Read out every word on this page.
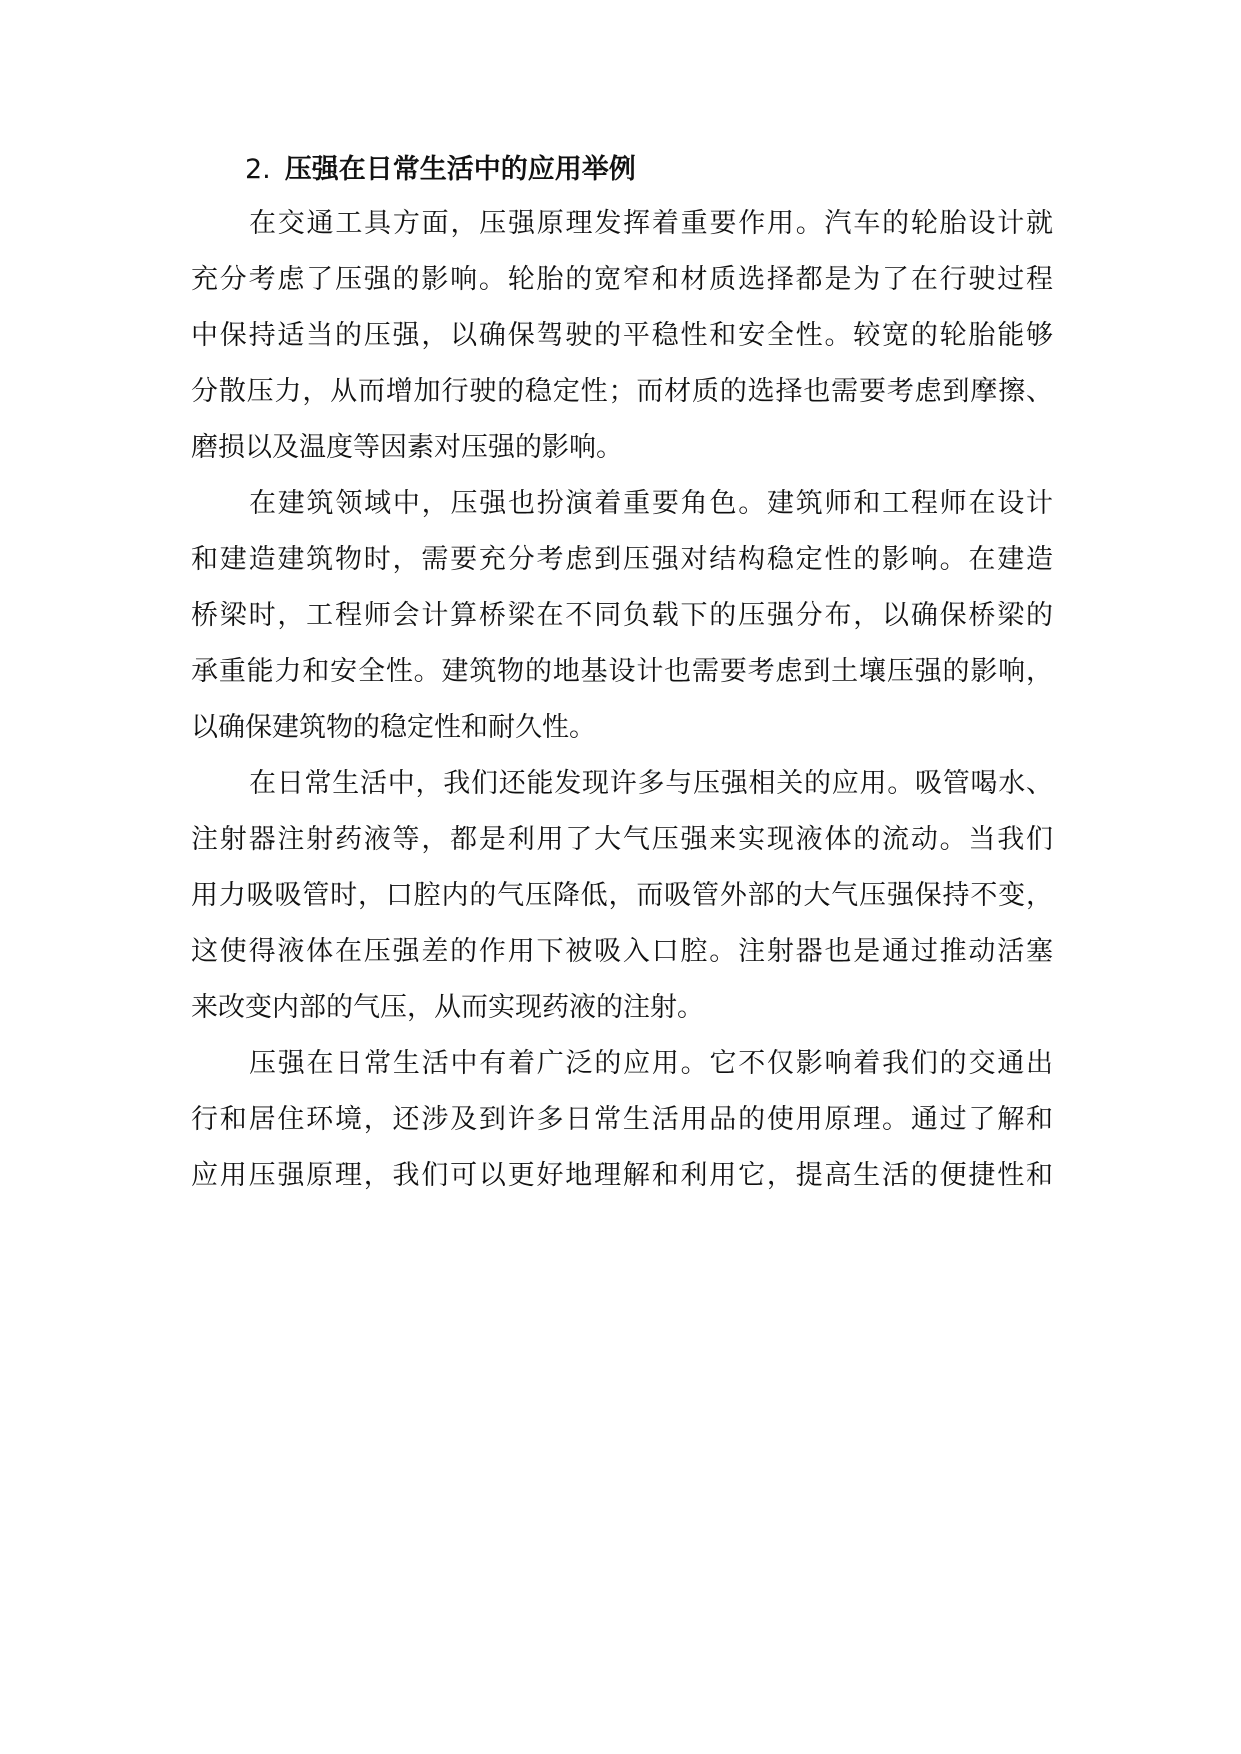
2. 压强在日常生活中的应用举例
在交通工具方面，压强原理发挥着重要作用。汽车的轮胎设计就
充分考虑了压强的影响。轮胎的宽窄和材质选择都是为了在行驶过程
中保持适当的压强，以确保驾驶的平稳性和安全性。较宽的轮胎能够
分散压力，从而增加行驶的稳定性；而材质的选择也需要考虑到摩擦、
磨损以及温度等因素对压强的影响。
在建筑领域中，压强也扮演着重要角色。建筑师和工程师在设计
和建造建筑物时，需要充分考虑到压强对结构稳定性的影响。在建造
桥梁时，工程师会计算桥梁在不同负载下的压强分布，以确保桥梁的
承重能力和安全性。建筑物的地基设计也需要考虑到土壤压强的影响，
以确保建筑物的稳定性和耐久性。
在日常生活中，我们还能发现许多与压强相关的应用。吸管喝水、
注射器注射药液等，都是利用了大气压强来实现液体的流动。当我们
用力吸吸管时，口腔内的气压降低，而吸管外部的大气压强保持不变，
这使得液体在压强差的作用下被吸入口腔。注射器也是通过推动活塞
来改变内部的气压，从而实现药液的注射。
压强在日常生活中有着广泛的应用。它不仅影响着我们的交通出
行和居住环境，还涉及到许多日常生活用品的使用原理。通过了解和
应用压强原理，我们可以更好地理解和利用它，提高生活的便捷性和
